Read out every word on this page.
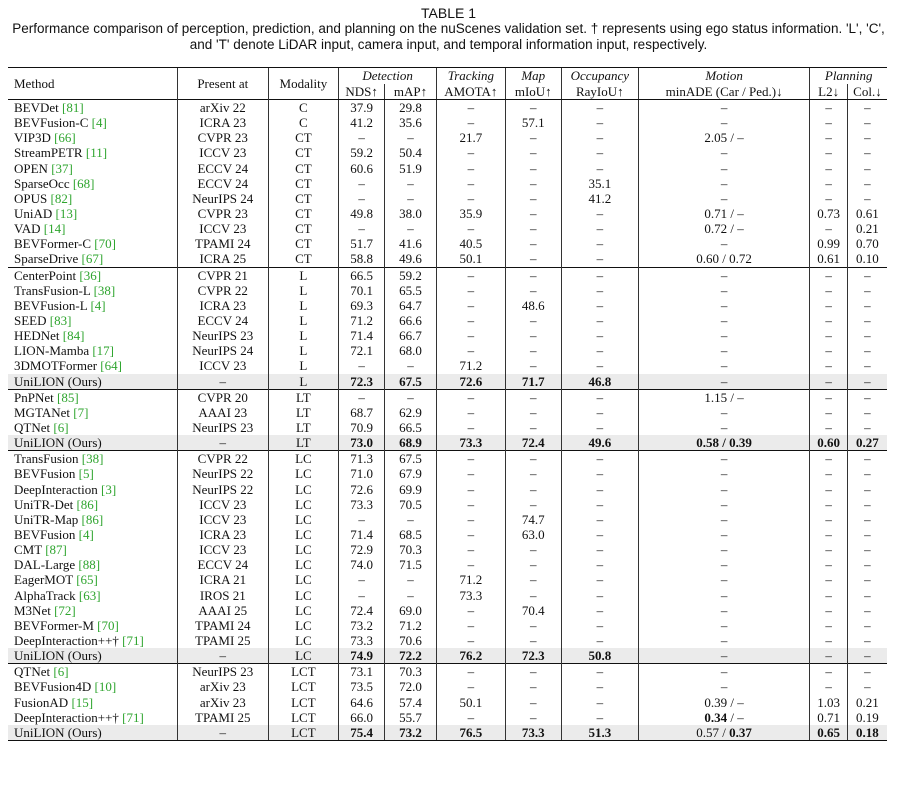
TABLE 1
Performance comparison of perception, prediction, and planning on the nuScenes validation set. † represents using ego status information. 'L', 'C', and 'T' denote LiDAR input, camera input, and temporal information input, respectively.
Method	Present at	Modality	Detection		Tracking	Map	Occupancy	Motion	Planning	
			NDS↑	mAP↑	AMOTA↑	mIoU↑	RayIoU↑	minADE (Car / Ped.)↓	L2↓	Col.↓
BEVDet [81]	arXiv 22	C	37.9	29.8	–	–	–	–	–	–
BEVFusion-C [4]	ICRA 23	C	41.2	35.6	–	57.1	–	–	–	–
VIP3D [66]	CVPR 23	CT	–	–	21.7	–	–	2.05 / –	–	–
StreamPETR [11]	ICCV 23	CT	59.2	50.4	–	–	–	–	–	–
OPEN [37]	ECCV 24	CT	60.6	51.9	–	–	–	–	–	–
SparseOcc [68]	ECCV 24	CT	–	–	–	–	35.1	–	–	–
OPUS [82]	NeurIPS 24	CT	–	–	–	–	41.2	–	–	–
UniAD [13]	CVPR 23	CT	49.8	38.0	35.9	–	–	0.71 / –	0.73	0.61
VAD [14]	ICCV 23	CT	–	–	–	–	–	0.72 / –	–	0.21
BEVFormer-C [70]	TPAMI 24	CT	51.7	41.6	40.5	–	–	–	0.99	0.70
SparseDrive [67]	ICRA 25	CT	58.8	49.6	50.1	–	–	0.60 / 0.72	0.61	0.10
CenterPoint [36]	CVPR 21	L	66.5	59.2	–	–	–	–	–	–
TransFusion-L [38]	CVPR 22	L	70.1	65.5	–	–	–	–	–	–
BEVFusion-L [4]	ICRA 23	L	69.3	64.7	–	48.6	–	–	–	–
SEED [83]	ECCV 24	L	71.2	66.6	–	–	–	–	–	–
HEDNet [84]	NeurIPS 23	L	71.4	66.7	–	–	–	–	–	–
LION-Mamba [17]	NeurIPS 24	L	72.1	68.0	–	–	–	–	–	–
3DMOTFormer [64]	ICCV 23	L	–	–	71.2	–	–	–	–	–
UniLION (Ours)	–	L	72.3	67.5	72.6	71.7	46.8	–	–	–
PnPNet [85]	CVPR 20	LT	–	–	–	–	–	1.15 / –	–	–
MGTANet [7]	AAAI 23	LT	68.7	62.9	–	–	–	–	–	–
QTNet [6]	NeurIPS 23	LT	70.9	66.5	–	–	–	–	–	–
UniLION (Ours)	–	LT	73.0	68.9	73.3	72.4	49.6	0.58 / 0.39	0.60	0.27
TransFusion [38]	CVPR 22	LC	71.3	67.5	–	–	–	–	–	–
BEVFusion [5]	NeurIPS 22	LC	71.0	67.9	–	–	–	–	–	–
DeepInteraction [3]	NeurIPS 22	LC	72.6	69.9	–	–	–	–	–	–
UniTR-Det [86]	ICCV 23	LC	73.3	70.5	–	–	–	–	–	–
UniTR-Map [86]	ICCV 23	LC	–	–	–	74.7	–	–	–	–
BEVFusion [4]	ICRA 23	LC	71.4	68.5	–	63.0	–	–	–	–
CMT [87]	ICCV 23	LC	72.9	70.3	–	–	–	–	–	–
DAL-Large [88]	ECCV 24	LC	74.0	71.5	–	–	–	–	–	–
EagerMOT [65]	ICRA 21	LC	–	–	71.2	–	–	–	–	–
AlphaTrack [63]	IROS 21	LC	–	–	73.3	–	–	–	–	–
M3Net [72]	AAAI 25	LC	72.4	69.0	–	70.4	–	–	–	–
BEVFormer-M [70]	TPAMI 24	LC	73.2	71.2	–	–	–	–	–	–
DeepInteraction++† [71]	TPAMI 25	LC	73.3	70.6	–	–	–	–	–	–
UniLION (Ours)	–	LC	74.9	72.2	76.2	72.3	50.8	–	–	–
QTNet [6]	NeurIPS 23	LCT	73.1	70.3	–	–	–	–	–	–
BEVFusion4D [10]	arXiv 23	LCT	73.5	72.0	–	–	–	–	–	–
FusionAD [15]	arXiv 23	LCT	64.6	57.4	50.1	–	–	0.39 / –	1.03	0.21
DeepInteraction++† [71]	TPAMI 25	LCT	66.0	55.7	–	–	–	0.34 / –	0.71	0.19
UniLION (Ours)	–	LCT	75.4	73.2	76.5	73.3	51.3	0.57 / 0.37	0.65	0.18
